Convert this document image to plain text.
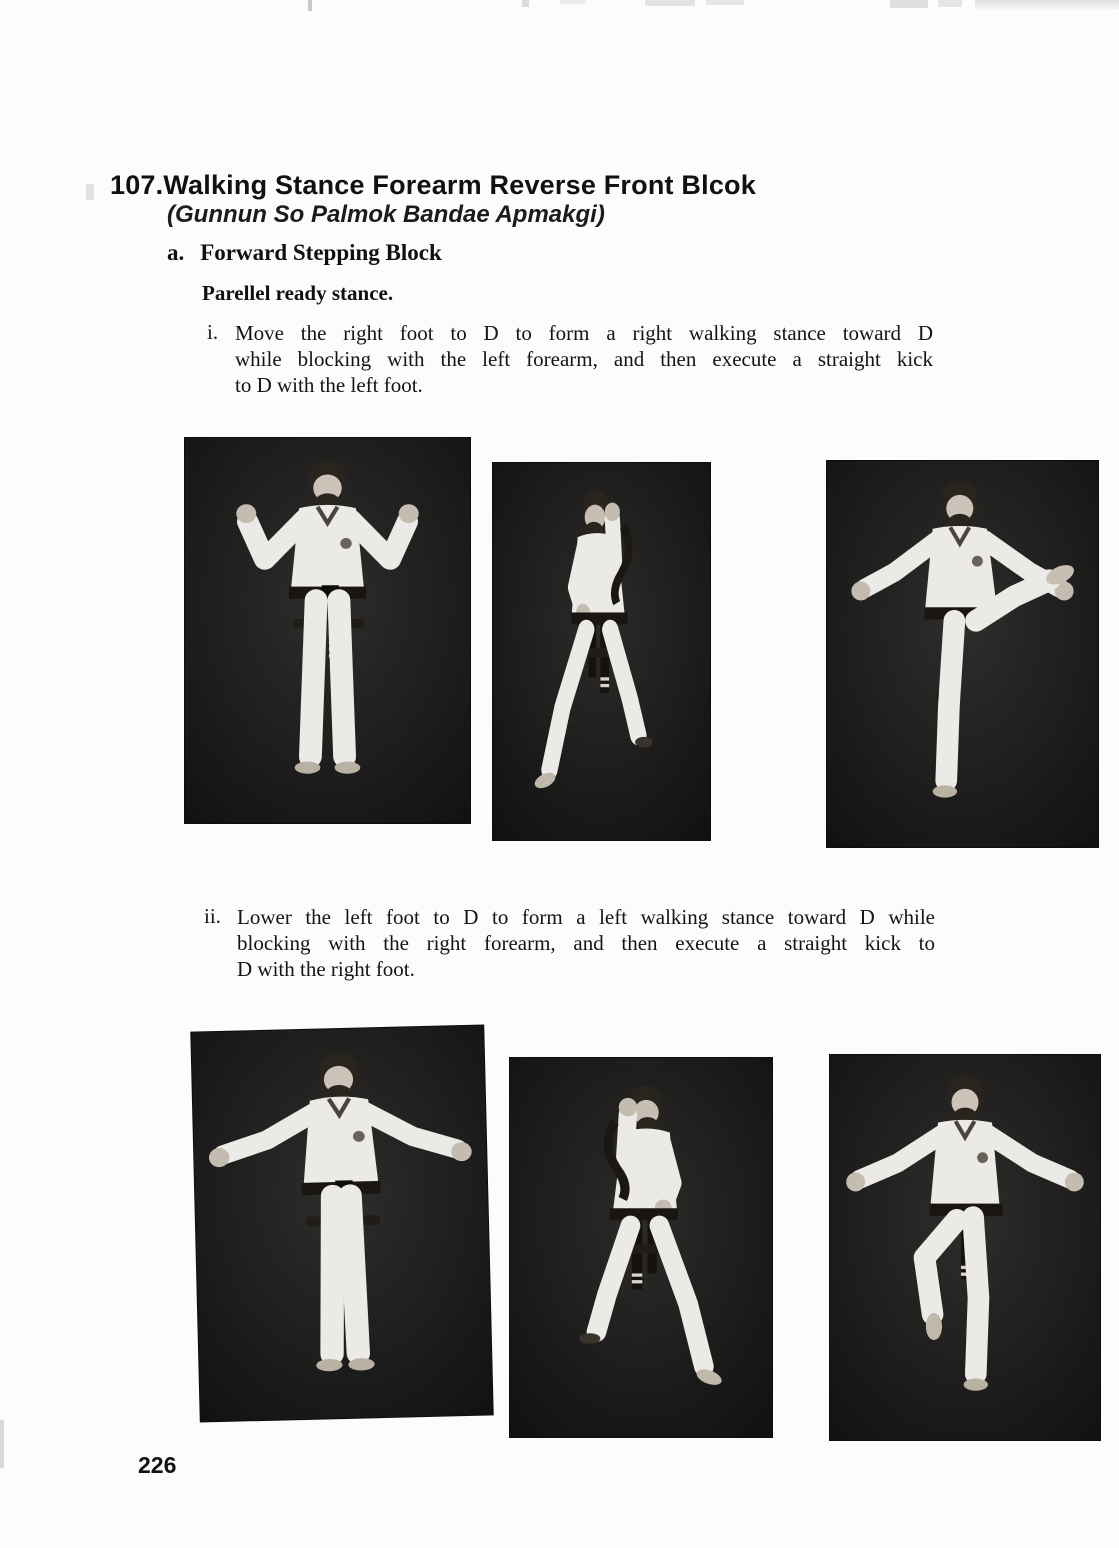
107.Walking Stance Forearm Reverse Front Blcok
(Gunnun So Palmok Bandae Apmakgi)
a. Forward Stepping Block
Parellel ready stance.
i. Move the right foot to D to form a right walking stance toward D
while blocking with the left forearm, and then execute a straight kick
to D with the left foot.
ii. Lower the left foot to D to form a left walking stance toward D while
blocking with the right forearm, and then execute a straight kick to
D with the right foot.
226
